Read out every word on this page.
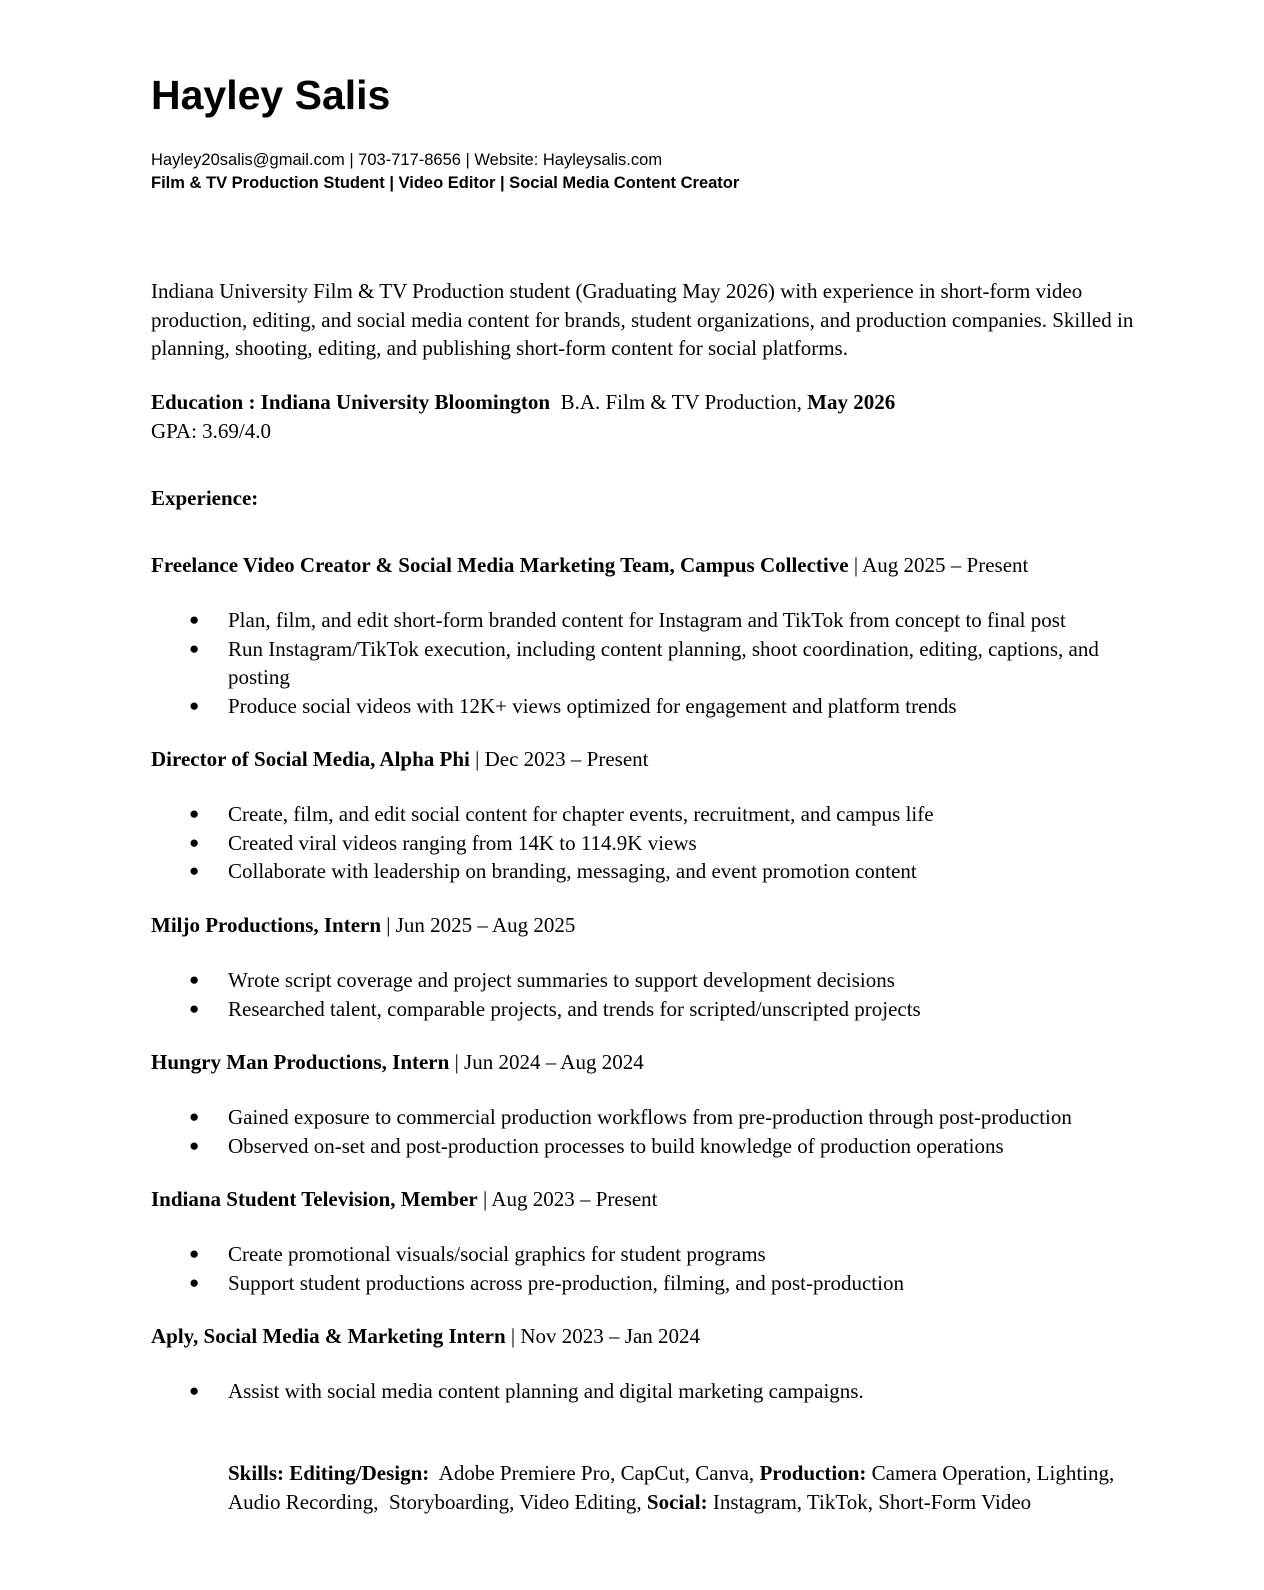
Hayley Salis
Hayley20salis@gmail.com | 703-717-8656 | Website: Hayleysalis.com
Film & TV Production Student | Video Editor | Social Media Content Creator

Indiana University Film & TV Production student (Graduating May 2026) with experience in short-form video production, editing, and social media content for brands, student organizations, and production companies. Skilled in planning, shooting, editing, and publishing short-form content for social platforms.

Education : Indiana University Bloomington B.A. Film & TV Production, May 2026
GPA: 3.69/4.0
Experience:
Freelance Video Creator & Social Media Marketing Team, Campus Collective | Aug 2025 – Present
● Plan, film, and edit short-form branded content for Instagram and TikTok from concept to final post
● Run Instagram/TikTok execution, including content planning, shoot coordination, editing, captions, and posting
● Produce social videos with 12K+ views optimized for engagement and platform trends
Director of Social Media, Alpha Phi | Dec 2023 – Present
● Create, film, and edit social content for chapter events, recruitment, and campus life
● Created viral videos ranging from 14K to 114.9K views
● Collaborate with leadership on branding, messaging, and event promotion content
Miljo Productions, Intern | Jun 2025 – Aug 2025
● Wrote script coverage and project summaries to support development decisions
● Researched talent, comparable projects, and trends for scripted/unscripted projects
Hungry Man Productions, Intern | Jun 2024 – Aug 2024
● Gained exposure to commercial production workflows from pre-production through post-production
● Observed on-set and post-production processes to build knowledge of production operations
Indiana Student Television, Member | Aug 2023 – Present
● Create promotional visuals/social graphics for student programs
● Support student productions across pre-production, filming, and post-production
Aply, Social Media & Marketing Intern | Nov 2023 – Jan 2024
● Assist with social media content planning and digital marketing campaigns.

Skills: Editing/Design:  Adobe Premiere Pro, CapCut, Canva, Production: Camera Operation, Lighting, Audio Recording,  Storyboarding, Video Editing, Social: Instagram, TikTok, Short-Form Video
